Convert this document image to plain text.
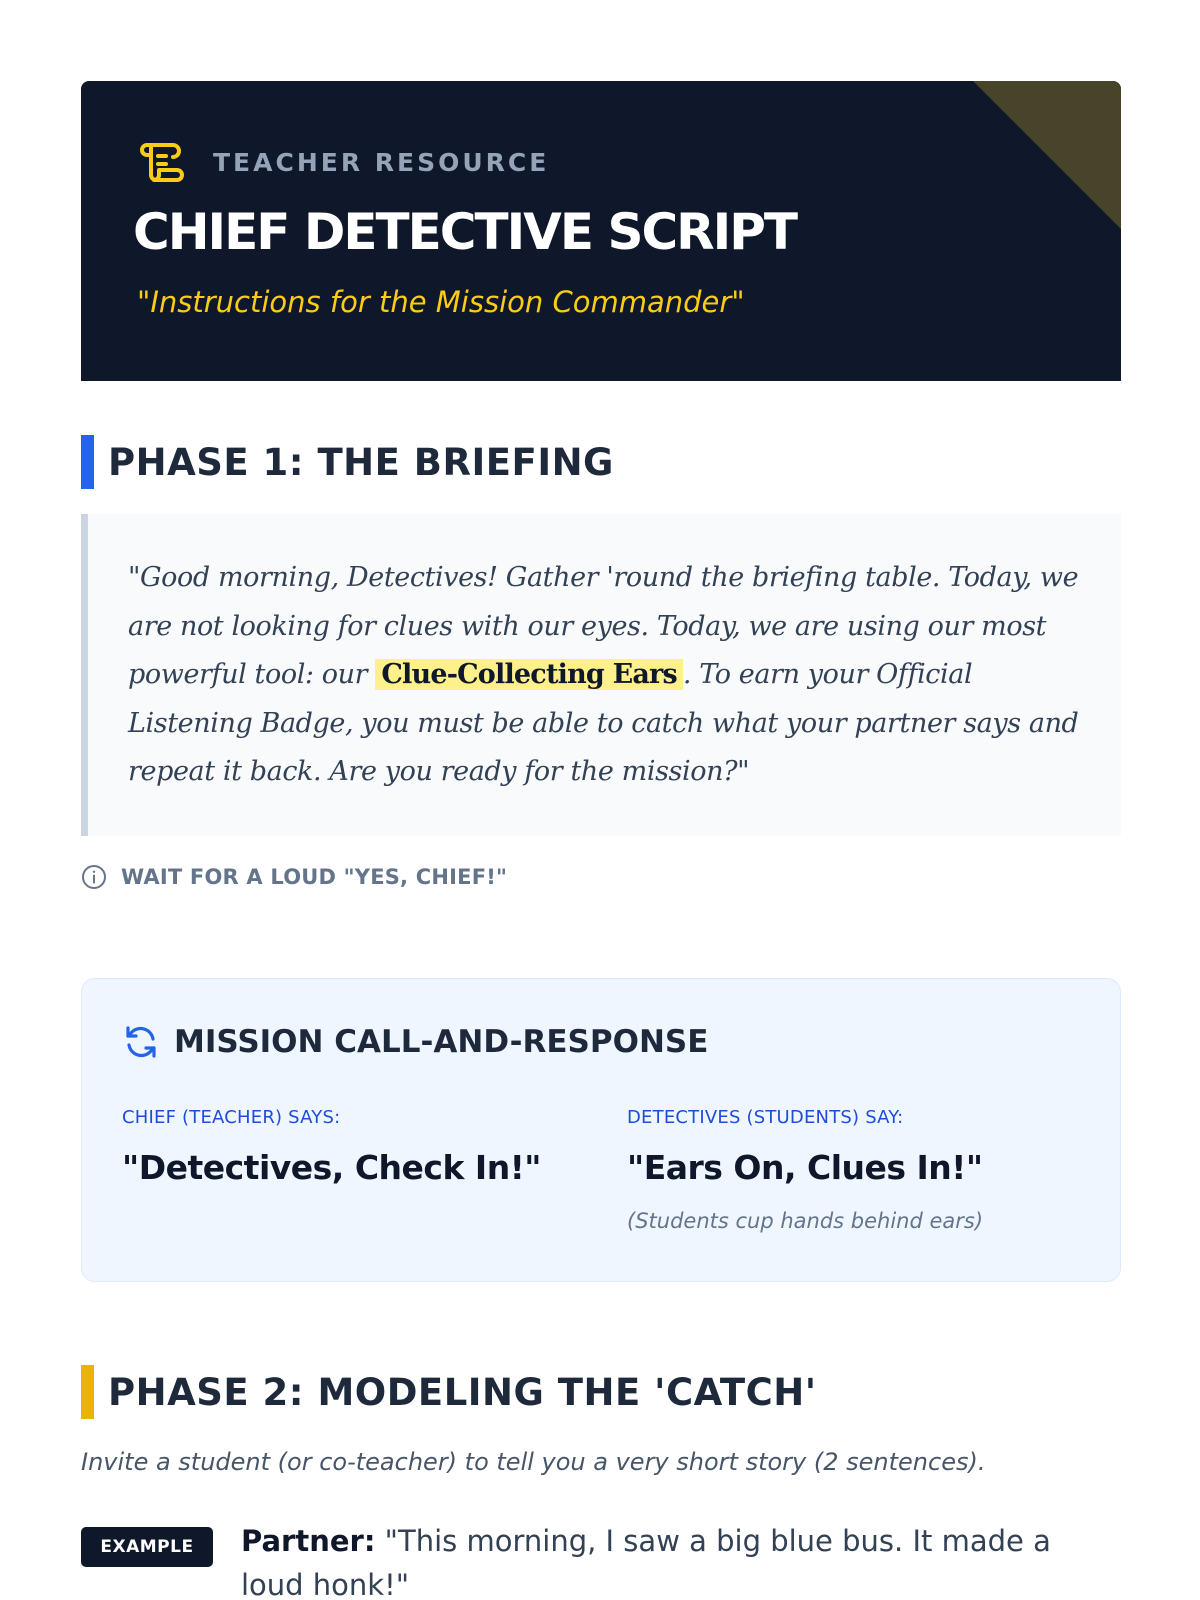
TEACHER RESOURCE
CHIEF DETECTIVE SCRIPT
"Instructions for the Mission Commander"
PHASE 1: THE BRIEFING

"Good morning, Detectives! Gather 'round the briefing table. Today, we are not looking for clues with our eyes. Today, we are using our most powerful tool: our Clue-Collecting Ears . To earn your Official Listening Badge, you must be able to catch what your partner says and repeat it back. Are you ready for the mission?"

WAIT FOR A LOUD "YES, CHIEF!"
MISSION CALL-AND-RESPONSE
CHIEF (TEACHER) SAYS:
"Detectives, Check In!"
DETECTIVES (STUDENTS) SAY:
"Ears On, Clues In!"
(Students cup hands behind ears)
PHASE 2: MODELING THE 'CATCH'
Invite a student (or co-teacher) to tell you a very short story (2 sentences).
EXAMPLE	Partner: "This morning, I saw a big blue bus. It made a loud honk!"
